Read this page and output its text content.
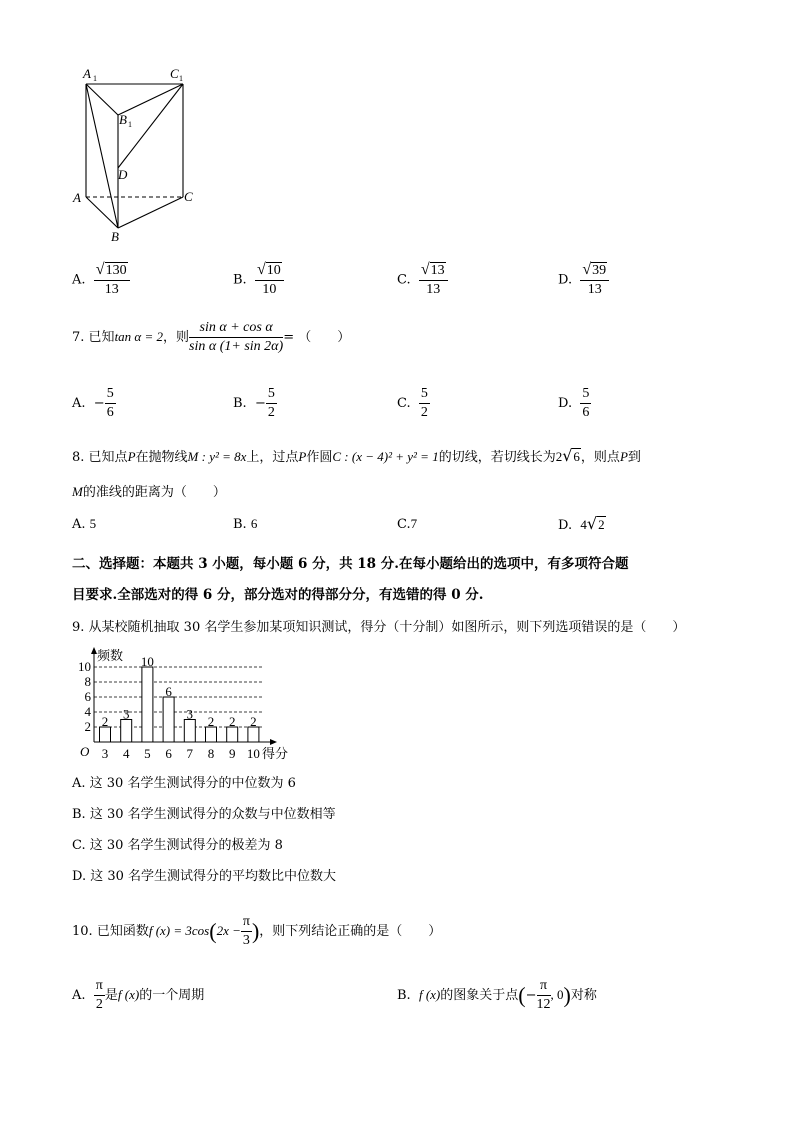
A 1	C 1
B 1
D
A	C
B
A. $\frac{√ 130}{13}$	B. $\frac{√ 10}{10}$	C. $\frac{√ 13}{13}$	D. $\frac{√ 39}{13}$
7. 已知tan α = 2，则 $\frac{\text{sin α + cos α}}{\text{sin α (1+ sin 2α)}}$ = （　　）
A. − $\frac{5}{6}$	B. − $\frac{5}{2}$	C. $\frac{5}{2}$	D. $\frac{5}{6}$
8. 已知点P在抛物线M : y² = 8x上，过点P作圆C : (x − 4)² + y² = 1的切线，若切线长为2 √ 6 ，则点P到
M的准线的距离为（　　）
A. 5	B. 6	C.7	D. 4 √ 2
二、选择题：本题共 3 小题，每小题 6 分，共 18 分.在每小题给出的选项中，有多项符合题
目要求.全部选对的得 6 分，部分选对的得部分分，有选错的得 0 分.
9. 从某校随机抽取 30 名学生参加某项知识测试，得分（十分制）如图所示，则下列选项错误的是（　　）
2
4
6
8
10
2
3
3
4
10
5
6
6
3
7
2
8
2
9
2
10
O
频数
得分
A. 这 30 名学生测试得分的中位数为 6
B. 这 30 名学生测试得分的众数与中位数相等
C. 这 30 名学生测试得分的极差为 8
D. 这 30 名学生测试得分的平均数比中位数大
10. 已知函数f $(x) = 3\cos(2x - \frac{\pi}{3}$ )，则下列结论正确的是（　　）
A. $\frac{\pi}{2}$ 是f (x)的一个周期	B. f (x)的图象关于点(− $\frac{\pi}{12}$ , 0)对称
